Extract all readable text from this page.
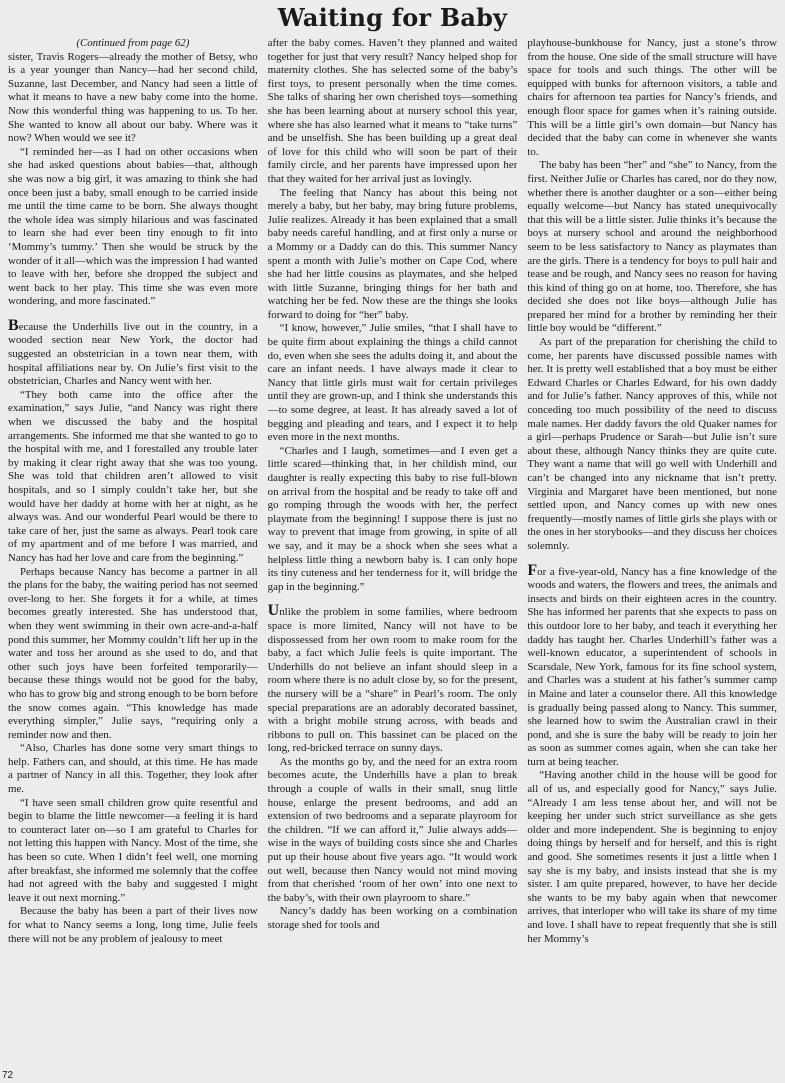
Waiting for Baby

(Continued from page 62)

sister, Travis Rogers—already the mother of Betsy, who is a year younger than Nancy—had her second child, Suzanne, last December, and Nancy had seen a little of what it means to have a new baby come into the home. Now this wonderful thing was happening to us. To her. She wanted to know all about our baby. Where was it now? When would we see it?

“I reminded her—as I had on other occasions when she had asked questions about babies—that, although she was now a big girl, it was amazing to think she had once been just a baby, small enough to be carried inside me until the time came to be born. She always thought the whole idea was simply hilarious and was fascinated to learn she had ever been tiny enough to fit into ‘Mommy’s tummy.’ Then she would be struck by the wonder of it all—which was the impression I had wanted to leave with her, before she dropped the subject and went back to her play. This time she was even more wondering, and more fascinated.”

Because the Underhills live out in the country, in a wooded section near New York, the doctor had suggested an obstetrician in a town near them, with hospital affiliations near by. On Julie’s first visit to the obstetrician, Charles and Nancy went with her.

“They both came into the office after the examination,” says Julie, “and Nancy was right there when we discussed the baby and the hospital arrangements. She informed me that she wanted to go to the hospital with me, and I forestalled any trouble later by making it clear right away that she was too young. She was told that children aren’t allowed to visit hospitals, and so I simply couldn’t take her, but she would have her daddy at home with her at night, as he always was. And our wonderful Pearl would be there to take care of her, just the same as always. Pearl took care of my apartment and of me before I was married, and Nancy has had her love and care from the beginning.”

Perhaps because Nancy has become a partner in all the plans for the baby, the waiting period has not seemed over-long to her. She forgets it for a while, at times becomes greatly interested. She has understood that, when they went swimming in their own acre-and-a-half pond this summer, her Mommy couldn’t lift her up in the water and toss her around as she used to do, and that other such joys have been forfeited temporarily—because these things would not be good for the baby, who has to grow big and strong enough to be born before the snow comes again. “This knowledge has made everything simpler,” Julie says, “requiring only a reminder now and then.

“Also, Charles has done some very smart things to help. Fathers can, and should, at this time. He has made a partner of Nancy in all this. Together, they look after me.

“I have seen small children grow quite resentful and begin to blame the little newcomer—a feeling it is hard to counteract later on—so I am grateful to Charles for not letting this happen with Nancy. Most of the time, she has been so cute. When I didn’t feel well, one morning after breakfast, she informed me solemnly that the coffee had not agreed with the baby and suggested I might leave it out next morning.”

Because the baby has been a part of their lives now for what to Nancy seems a long, long time, Julie feels there will not be any problem of jealousy to meet

after the baby comes. Haven’t they planned and waited together for just that very result? Nancy helped shop for maternity clothes. She has selected some of the baby’s first toys, to present personally when the time comes. She talks of sharing her own cherished toys—something she has been learning about at nursery school this year, where she has also learned what it means to “take turns” and be unselfish. She has been building up a great deal of love for this child who will soon be part of their family circle, and her parents have impressed upon her that they waited for her arrival just as lovingly.

The feeling that Nancy has about this being not merely a baby, but her baby, may bring future problems, Julie realizes. Already it has been explained that a small baby needs careful handling, and at first only a nurse or a Mommy or a Daddy can do this. This summer Nancy spent a month with Julie’s mother on Cape Cod, where she had her little cousins as playmates, and she helped with little Suzanne, bringing things for her bath and watching her be fed. Now these are the things she looks forward to doing for “her” baby.

“I know, however,” Julie smiles, “that I shall have to be quite firm about explaining the things a child cannot do, even when she sees the adults doing it, and about the care an infant needs. I have always made it clear to Nancy that little girls must wait for certain privileges until they are grown-up, and I think she understands this—to some degree, at least. It has already saved a lot of begging and pleading and tears, and I expect it to help even more in the next months.

“Charles and I laugh, sometimes—and I even get a little scared—thinking that, in her childish mind, our daughter is really expecting this baby to rise full-blown on arrival from the hospital and be ready to take off and go romping through the woods with her, the perfect playmate from the beginning! I suppose there is just no way to prevent that image from growing, in spite of all we say, and it may be a shock when she sees what a helpless little thing a newborn baby is. I can only hope its tiny cuteness and her tenderness for it, will bridge the gap in the beginning.”

Unlike the problem in some families, where bedroom space is more limited, Nancy will not have to be dispossessed from her own room to make room for the baby, a fact which Julie feels is quite important. The Underhills do not believe an infant should sleep in a room where there is no adult close by, so for the present, the nursery will be a “share” in Pearl’s room. The only special preparations are an adorably decorated bassinet, with a bright mobile strung across, with beads and ribbons to pull on. This bassinet can be placed on the long, red-bricked terrace on sunny days.

As the months go by, and the need for an extra room becomes acute, the Underhills have a plan to break through a couple of walls in their small, snug little house, enlarge the present bedrooms, and add an extension of two bedrooms and a separate playroom for the children. “If we can afford it,” Julie always adds—wise in the ways of building costs since she and Charles put up their house about five years ago. “It would work out well, because then Nancy would not mind moving from that cherished ‘room of her own’ into one next to the baby’s, with their own playroom to share.”

Nancy’s daddy has been working on a combination storage shed for tools and

playhouse-bunkhouse for Nancy, just a stone’s throw from the house. One side of the small structure will have space for tools and such things. The other will be equipped with bunks for afternoon visitors, a table and chairs for afternoon tea parties for Nancy’s friends, and enough floor space for games when it’s raining outside. This will be a little girl’s own domain—but Nancy has decided that the baby can come in whenever she wants to.

The baby has been “her” and “she” to Nancy, from the first. Neither Julie or Charles has cared, nor do they now, whether there is another daughter or a son—either being equally welcome—but Nancy has stated unequivocally that this will be a little sister. Julie thinks it’s because the boys at nursery school and around the neighborhood seem to be less satisfactory to Nancy as playmates than are the girls. There is a tendency for boys to pull hair and tease and be rough, and Nancy sees no reason for having this kind of thing go on at home, too. Therefore, she has decided she does not like boys—although Julie has prepared her mind for a brother by reminding her their little boy would be “different.”

As part of the preparation for cherishing the child to come, her parents have discussed possible names with her. It is pretty well established that a boy must be either Edward Charles or Charles Edward, for his own daddy and for Julie’s father. Nancy approves of this, while not conceding too much possibility of the need to discuss male names. Her daddy favors the old Quaker names for a girl—perhaps Prudence or Sarah—but Julie isn’t sure about these, although Nancy thinks they are quite cute. They want a name that will go well with Underhill and can’t be changed into any nickname that isn’t pretty. Virginia and Margaret have been mentioned, but none settled upon, and Nancy comes up with new ones frequently—mostly names of little girls she plays with or the ones in her storybooks—and they discuss her choices solemnly.

For a five-year-old, Nancy has a fine knowledge of the woods and waters, the flowers and trees, the animals and insects and birds on their eighteen acres in the country. She has informed her parents that she expects to pass on this outdoor lore to her baby, and teach it everything her daddy has taught her. Charles Underhill’s father was a well-known educator, a superintendent of schools in Scarsdale, New York, famous for its fine school system, and Charles was a student at his father’s summer camp in Maine and later a counselor there. All this knowledge is gradually being passed along to Nancy. This summer, she learned how to swim the Australian crawl in their pond, and she is sure the baby will be ready to join her as soon as summer comes again, when she can take her turn at being teacher.

“Having another child in the house will be good for all of us, and especially good for Nancy,” says Julie. “Already I am less tense about her, and will not be keeping her under such strict surveillance as she gets older and more independent. She is beginning to enjoy doing things by herself and for herself, and this is right and good. She sometimes resents it just a little when I say she is my baby, and insists instead that she is my sister. I am quite prepared, however, to have her decide she wants to be my baby again when that newcomer arrives, that interloper who will take its share of my time and love. I shall have to repeat frequently that she is still her Mommy’s

72
